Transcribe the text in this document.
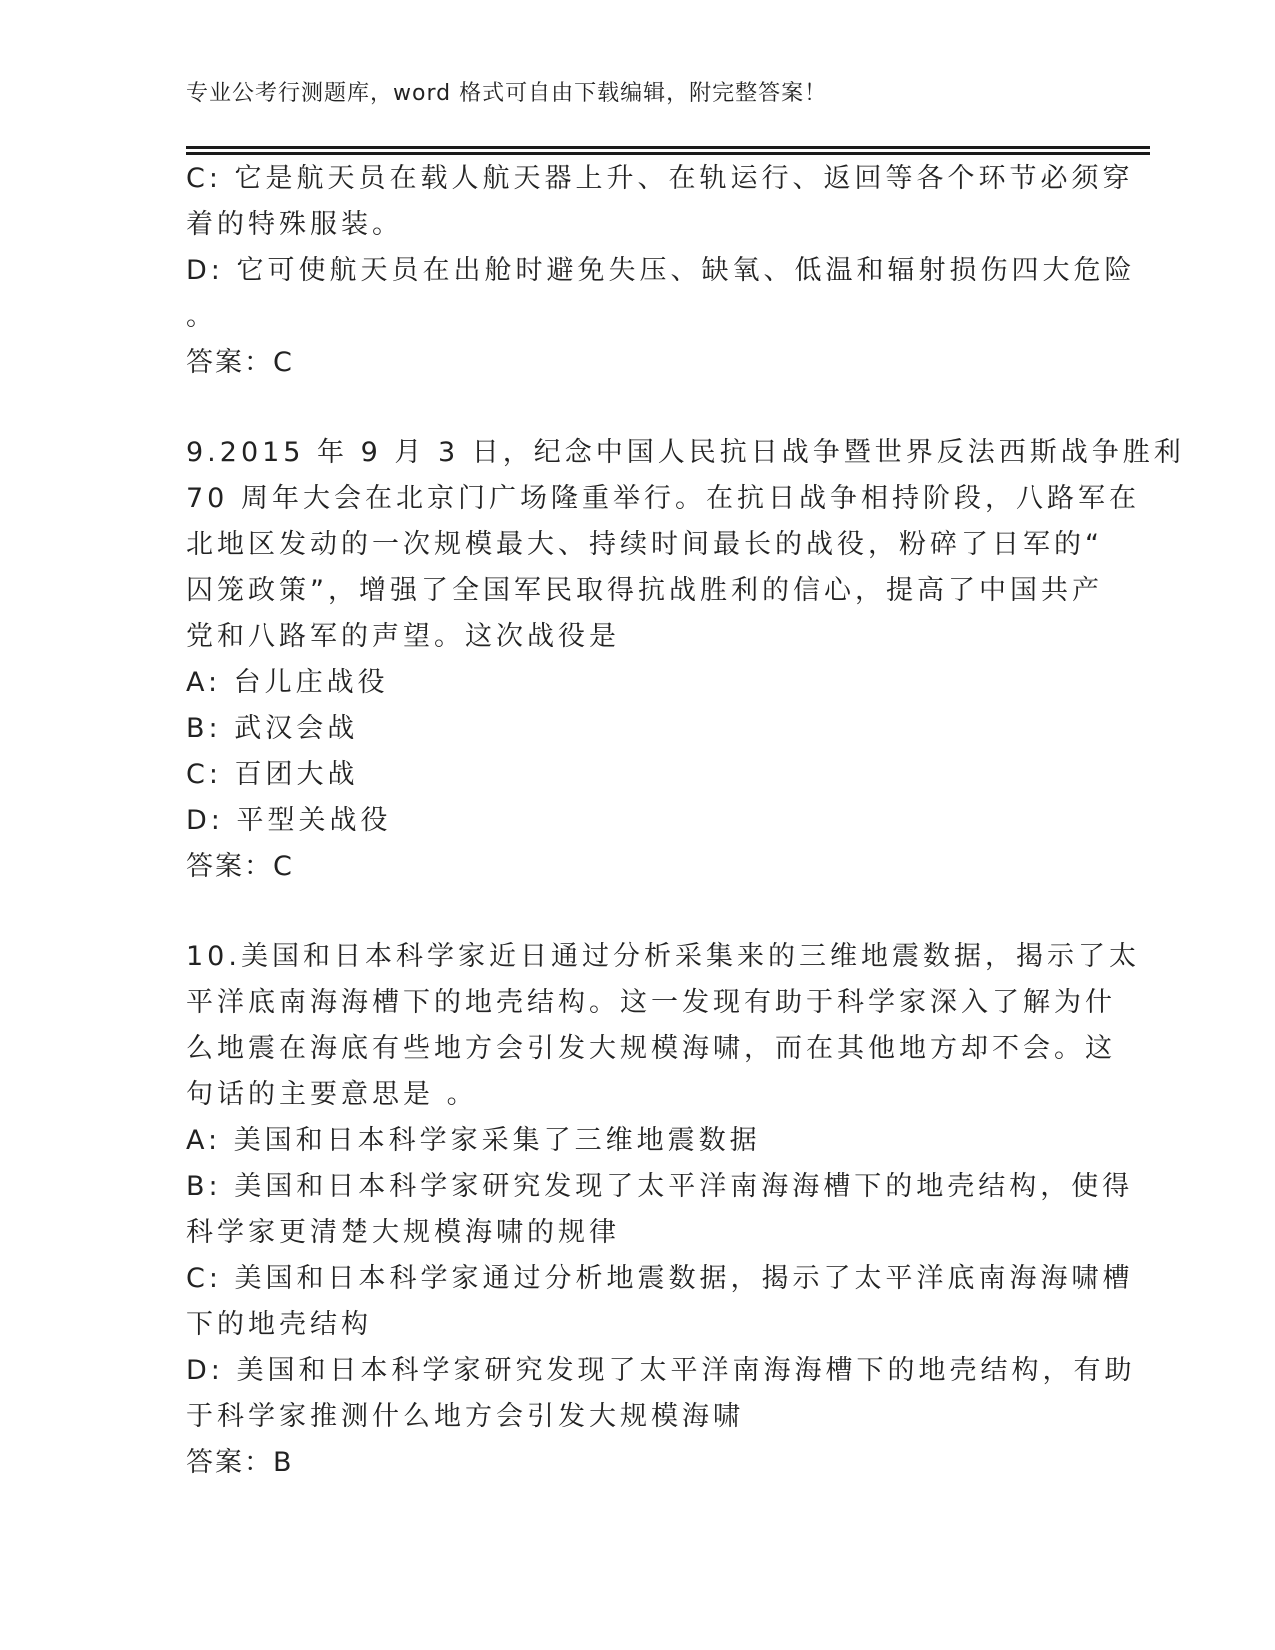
专业公考行测题库，word 格式可自由下载编辑，附完整答案！
C: 它是航天员在载人航天器上升、在轨运行、返回等各个环节必须穿
着的特殊服装。
D: 它可使航天员在出舱时避免失压、缺氧、低温和辐射损伤四大危险
。
答案：C
9.2015 年 9 月 3 日，纪念中国人民抗日战争暨世界反法西斯战争胜利
70 周年大会在北京门广场隆重举行。在抗日战争相持阶段，八路军在
北地区发动的一次规模最大、持续时间最长的战役，粉碎了日军的“
囚笼政策”，增强了全国军民取得抗战胜利的信心，提高了中国共产
党和八路军的声望。这次战役是
A: 台儿庄战役
B: 武汉会战
C: 百团大战
D: 平型关战役
答案：C
10.美国和日本科学家近日通过分析采集来的三维地震数据，揭示了太
平洋底南海海槽下的地壳结构。这一发现有助于科学家深入了解为什
么地震在海底有些地方会引发大规模海啸，而在其他地方却不会。这
句话的主要意思是 。
A: 美国和日本科学家采集了三维地震数据
B: 美国和日本科学家研究发现了太平洋南海海槽下的地壳结构，使得
科学家更清楚大规模海啸的规律
C: 美国和日本科学家通过分析地震数据，揭示了太平洋底南海海啸槽
下的地壳结构
D: 美国和日本科学家研究发现了太平洋南海海槽下的地壳结构，有助
于科学家推测什么地方会引发大规模海啸
答案：B
